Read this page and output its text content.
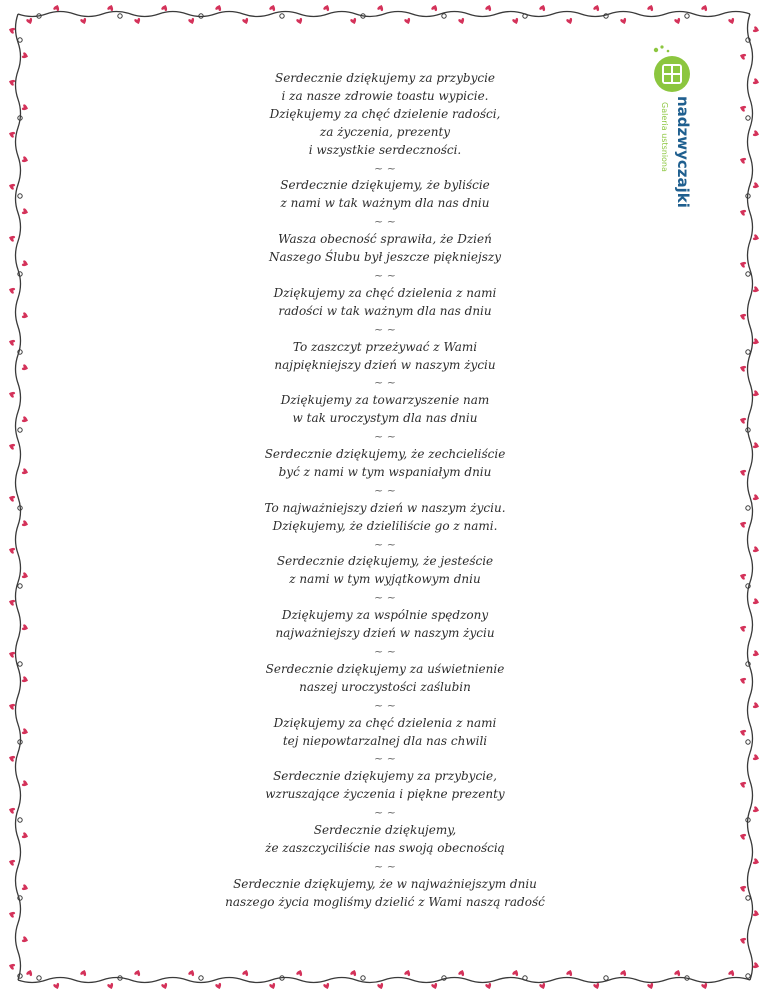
nadzwyczajki
Galeria ustsniona
Serdecznie dziękujemy za przybycie
i za nasze zdrowie toastu wypicie.
Dziękujemy za chęć dzielenie radości,
za życzenia, prezenty
i wszystkie serdeczności.
~ ~
Serdecznie dziękujemy, że byliście
z nami w tak ważnym dla nas dniu
~ ~
Wasza obecność sprawiła, że Dzień
Naszego Ślubu był jeszcze piękniejszy
~ ~
Dziękujemy za chęć dzielenia z nami
radości w tak ważnym dla nas dniu
~ ~
To zaszczyt przeżywać z Wami
najpiękniejszy dzień w naszym życiu
~ ~
Dziękujemy za towarzyszenie nam
w tak uroczystym dla nas dniu
~ ~
Serdecznie dziękujemy, że zechcieliście
być z nami w tym wspaniałym dniu
~ ~
To najważniejszy dzień w naszym życiu.
Dziękujemy, że dzieliliście go z nami.
~ ~
Serdecznie dziękujemy, że jesteście
z nami w tym wyjątkowym dniu
~ ~
Dziękujemy za wspólnie spędzony
najważniejszy dzień w naszym życiu
~ ~
Serdecznie dziękujemy za uświetnienie
naszej uroczystości zaślubin
~ ~
Dziękujemy za chęć dzielenia z nami
tej niepowtarzalnej dla nas chwili
~ ~
Serdecznie dziękujemy za przybycie,
wzruszające życzenia i piękne prezenty
~ ~
Serdecznie dziękujemy,
że zaszczyciliście nas swoją obecnością
~ ~
Serdecznie dziękujemy, że w najważniejszym dniu
naszego życia mogliśmy dzielić z Wami naszą radość
